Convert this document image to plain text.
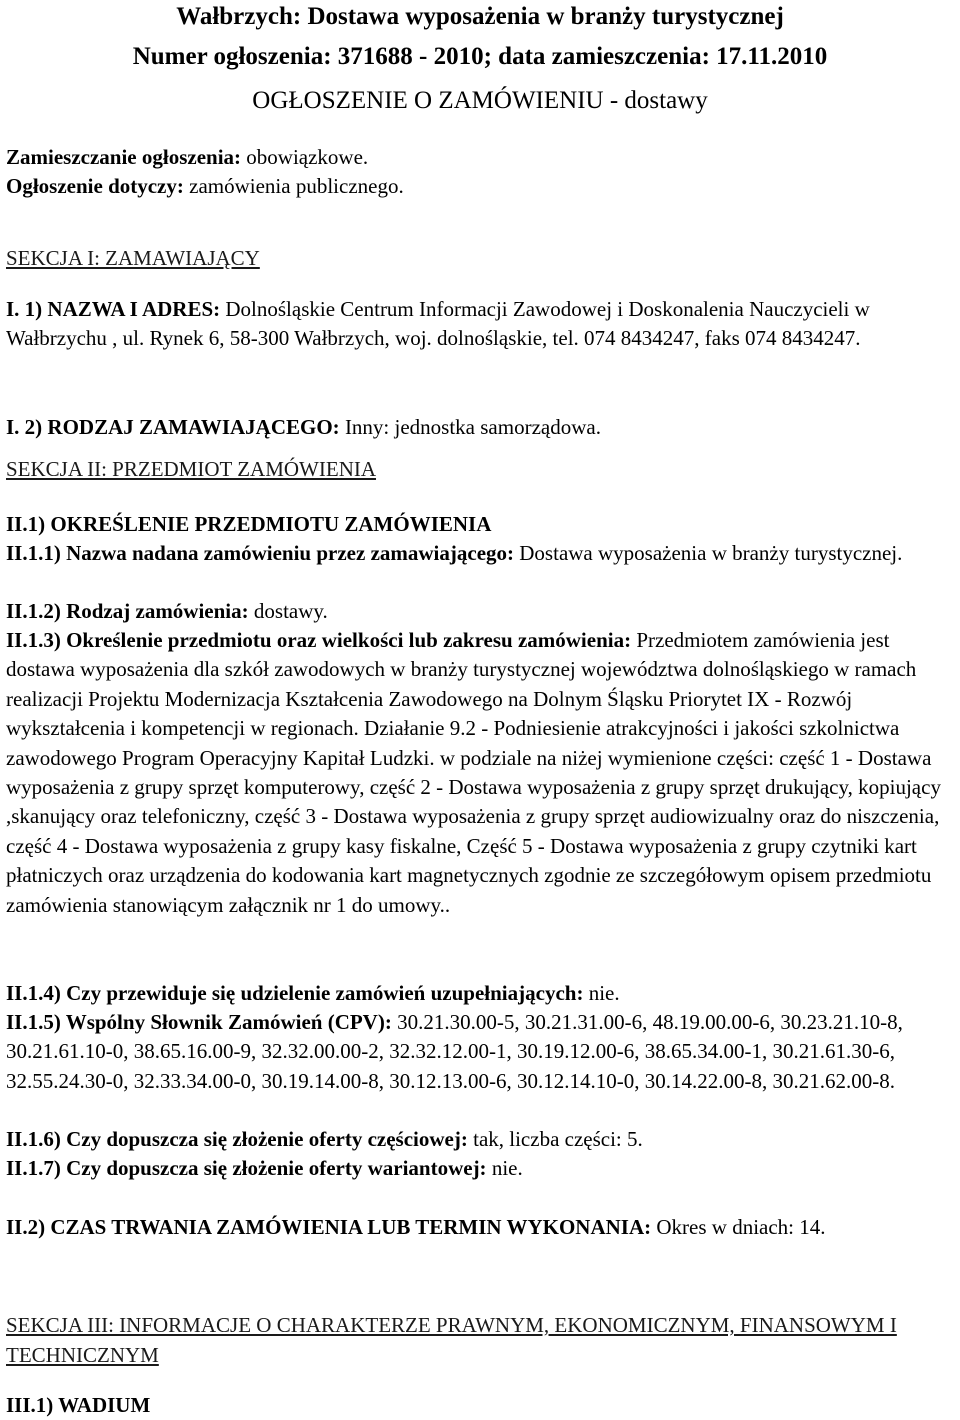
Wałbrzych: Dostawa wyposażenia w branży turystycznej
Numer ogłoszenia: 371688 - 2010; data zamieszczenia: 17.11.2010
OGŁOSZENIE O ZAMÓWIENIU - dostawy
Zamieszczanie ogłoszenia: obowiązkowe.
Ogłoszenie dotyczy: zamówienia publicznego.
SEKCJA I: ZAMAWIAJĄCY
I. 1) NAZWA I ADRES: Dolnośląskie Centrum Informacji Zawodowej i Doskonalenia Nauczycieli w Wałbrzychu , ul. Rynek 6, 58-300 Wałbrzych, woj. dolnośląskie, tel. 074 8434247, faks 074 8434247.
I. 2) RODZAJ ZAMAWIAJĄCEGO: Inny: jednostka samorządowa.
SEKCJA II: PRZEDMIOT ZAMÓWIENIA
II.1) OKREŚLENIE PRZEDMIOTU ZAMÓWIENIA
II.1.1) Nazwa nadana zamówieniu przez zamawiającego: Dostawa wyposażenia w branży turystycznej.
II.1.2) Rodzaj zamówienia: dostawy.
II.1.3) Określenie przedmiotu oraz wielkości lub zakresu zamówienia: Przedmiotem zamówienia jest dostawa wyposażenia dla szkół zawodowych w branży turystycznej województwa dolnośląskiego w ramach realizacji Projektu Modernizacja Kształcenia Zawodowego na Dolnym Śląsku Priorytet IX - Rozwój wykształcenia i kompetencji w regionach. Działanie 9.2 - Podniesienie atrakcyjności i jakości szkolnictwa zawodowego Program Operacyjny Kapitał Ludzki. w podziale na niżej wymienione części: część 1 - Dostawa wyposażenia z grupy sprzęt komputerowy, część 2 - Dostawa wyposażenia z grupy sprzęt drukujący, kopiujący ,skanujący oraz telefoniczny, część 3 - Dostawa wyposażenia z grupy sprzęt audiowizualny oraz do niszczenia, część 4 - Dostawa wyposażenia z grupy kasy fiskalne, Część 5 - Dostawa wyposażenia z grupy czytniki kart płatniczych oraz urządzenia do kodowania kart magnetycznych zgodnie ze szczegółowym opisem przedmiotu zamówienia stanowiącym załącznik nr 1 do umowy..
II.1.4) Czy przewiduje się udzielenie zamówień uzupełniających: nie.
II.1.5) Wspólny Słownik Zamówień (CPV): 30.21.30.00-5, 30.21.31.00-6, 48.19.00.00-6, 30.23.21.10-8, 30.21.61.10-0, 38.65.16.00-9, 32.32.00.00-2, 32.32.12.00-1, 30.19.12.00-6, 38.65.34.00-1, 30.21.61.30-6, 32.55.24.30-0, 32.33.34.00-0, 30.19.14.00-8, 30.12.13.00-6, 30.12.14.10-0, 30.14.22.00-8, 30.21.62.00-8.
II.1.6) Czy dopuszcza się złożenie oferty częściowej: tak, liczba części: 5.
II.1.7) Czy dopuszcza się złożenie oferty wariantowej: nie.
II.2) CZAS TRWANIA ZAMÓWIENIA LUB TERMIN WYKONANIA: Okres w dniach: 14.
SEKCJA III: INFORMACJE O CHARAKTERZE PRAWNYM, EKONOMICZNYM, FINANSOWYM I TECHNICZNYM
III.1) WADIUM
